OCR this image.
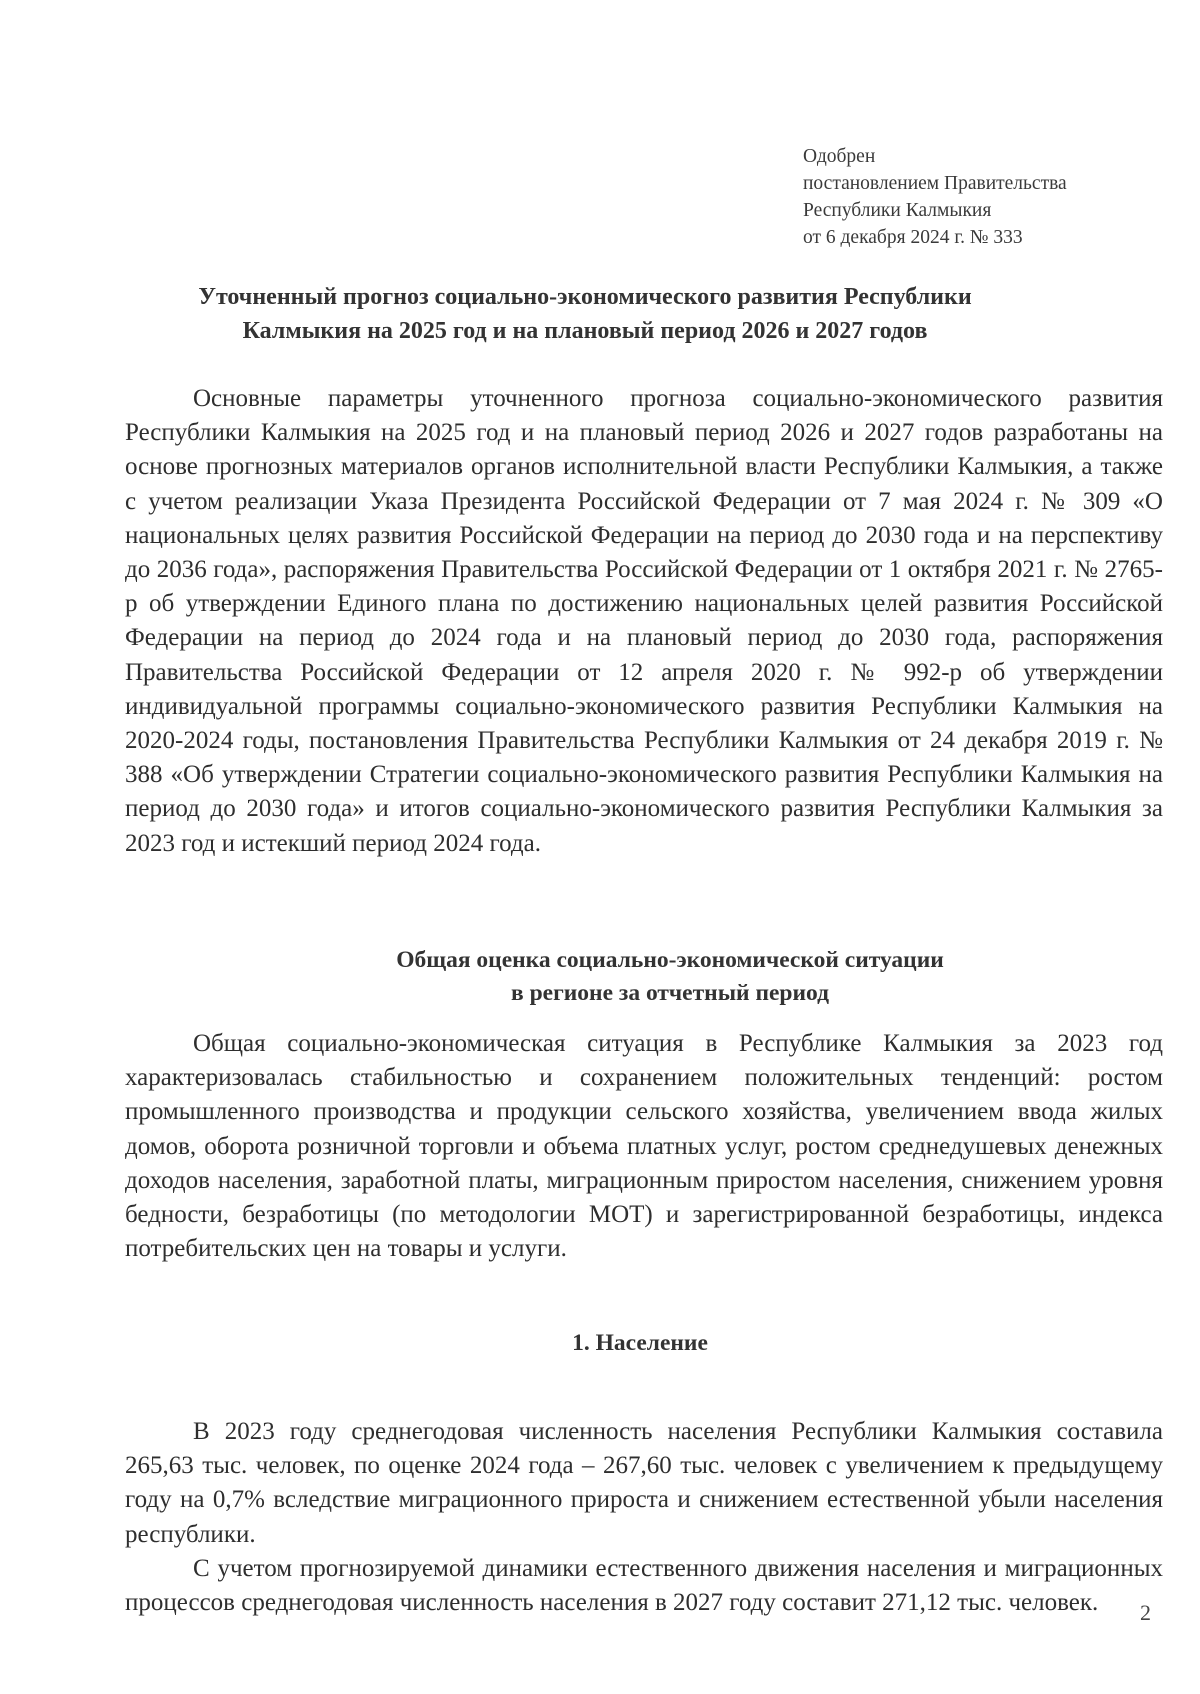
Одобрен
постановлением Правительства
Республики Калмыкия
от 6 декабря 2024 г. № 333
Уточненный прогноз социально-экономического развития Республики
Калмыкия на 2025 год и на плановый период 2026 и 2027 годов

Основные параметры уточненного прогноза социально-экономического развития Республики Калмыкия на 2025 год и на плановый период 2026 и 2027 годов разработаны на основе прогнозных материалов органов исполнительной власти Республики Калмыкия, а также с учетом реализации Указа Президента Российской Федерации от 7 мая 2024 г. № 309 «О национальных целях развития Российской Федерации на период до 2030 года и на перспективу до 2036 года», распоряжения Правительства Российской Федерации от 1 октября 2021 г. № 2765-р об утверждении Единого плана по достижению национальных целей развития Российской Федерации на период до 2024 года и на плановый период до 2030 года, распоряжения Правительства Российской Федерации от 12 апреля 2020 г. № 992-р об утверждении индивидуальной программы социально-экономического развития Республики Калмыкия на 2020-2024 годы, постановления Правительства Республики Калмыкия от 24 декабря 2019 г. № 388 «Об утверждении Стратегии социально-экономического развития Республики Калмыкия на период до 2030 года» и итогов социально-экономического развития Республики Калмыкия за 2023 год и истекший период 2024 года.

Общая оценка социально-экономической ситуации
в регионе за отчетный период

Общая социально-экономическая ситуация в Республике Калмыкия за 2023 год характеризовалась стабильностью и сохранением положительных тенденций: ростом промышленного производства и продукции сельского хозяйства, увеличением ввода жилых домов, оборота розничной торговли и объема платных услуг, ростом среднедушевых денежных доходов населения, заработной платы, миграционным приростом населения, снижением уровня бедности, безработицы (по методологии МОТ) и зарегистрированной безработицы, индекса потребительских цен на товары и услуги.

1. Население

В 2023 году среднегодовая численность населения Республики Калмыкия составила 265,63 тыс. человек, по оценке 2024 года – 267,60 тыс. человек с увеличением к предыдущему году на 0,7% вследствие миграционного прироста и снижением естественной убыли населения республики.

С учетом прогнозируемой динамики естественного движения населения и миграционных процессов среднегодовая численность населения в 2027 году составит 271,12 тыс. человек.	2
